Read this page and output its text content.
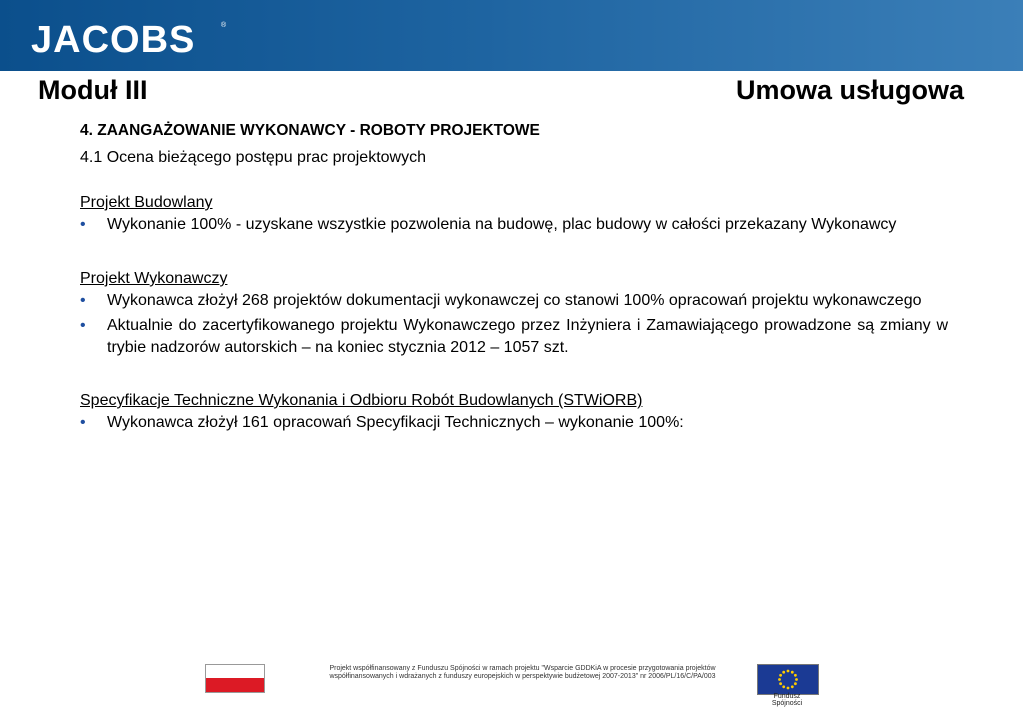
JACOBS	®
Moduł III	Umowa usługowa

4. ZAANGAŻOWANIE WYKONAWCY - ROBOTY PROJEKTOWE

4.1 Ocena bieżącego postępu prac projektowych

Projekt Budowlany

• Wykonanie 100% - uzyskane wszystkie pozwolenia na budowę, plac budowy w całości przekazany Wykonawcy

Projekt Wykonawczy

• Wykonawca złożył 268 projektów dokumentacji wykonawczej co stanowi 100% opracowań projektu wykonawczego
• Aktualnie do zacertyfikowanego projektu Wykonawczego przez Inżyniera i Zamawiającego prowadzone są zmiany w trybie nadzorów autorskich – na koniec stycznia 2012 – 1057 szt.

Specyfikacje Techniczne Wykonania i Odbioru Robót Budowlanych (STWiORB)

• Wykonawca złożył 161 opracowań Specyfikacji Technicznych – wykonanie 100%:
Projekt współfinansowany z Funduszu Spójności w ramach projektu "Wsparcie GDDKiA w procesie przygotowania projektów współfinansowanych i wdrażanych z funduszy europejskich w perspektywie budżetowej 2007-2013" nr 2006/PL/16/C/PA/003
Fundusz
Spójności
